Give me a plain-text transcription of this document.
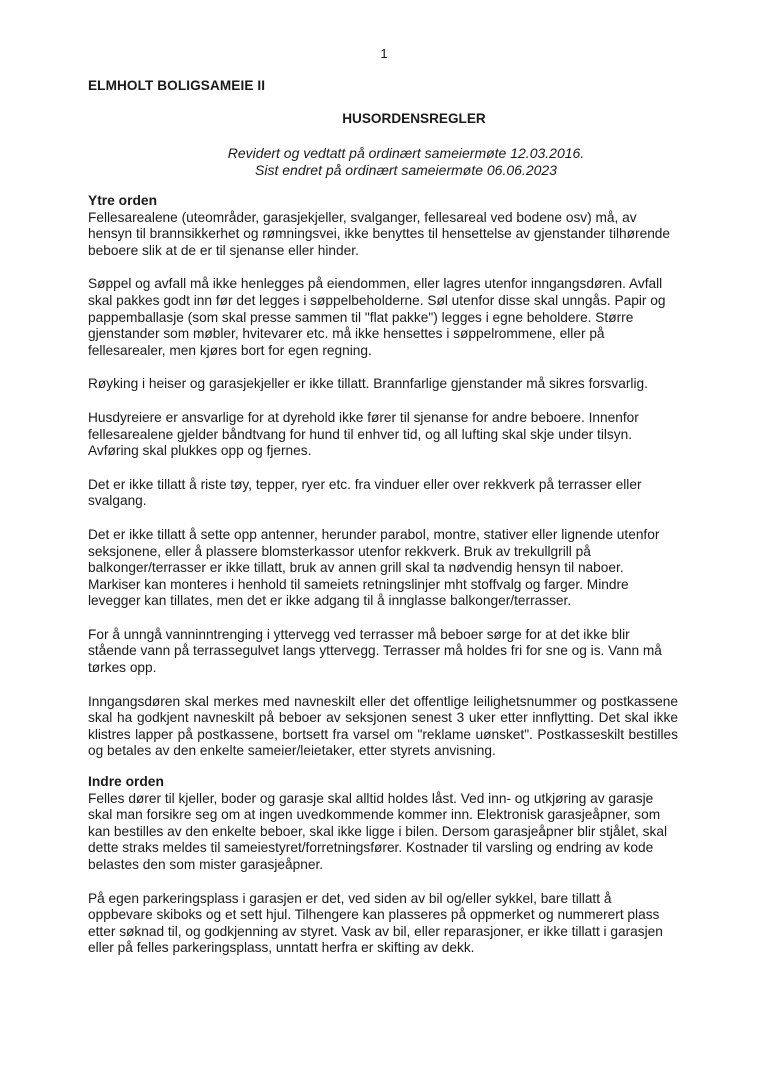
1
ELMHOLT BOLIGSAMEIE II
HUSORDENSREGLER
Revidert og vedtatt på ordinært sameiermøte 12.03.2016.
Sist endret på ordinært sameiermøte 06.06.2023
Ytre orden

Fellesarealene (uteområder, garasjekjeller, svalganger, fellesareal ved bodene osv) må, av hensyn til brannsikkerhet og rømningsvei, ikke benyttes til hensettelse av gjenstander tilhørende beboere slik at de er til sjenanse eller hinder.

Søppel og avfall må ikke henlegges på eiendommen, eller lagres utenfor inngangsdøren. Avfall skal pakkes godt inn før det legges i søppelbeholderne. Søl utenfor disse skal unngås. Papir og pappemballasje (som skal presse sammen til "flat pakke") legges i egne beholdere. Større gjenstander som møbler, hvitevarer etc. må ikke hensettes i søppelrommene, eller på fellesarealer, men kjøres bort for egen regning.

Røyking i heiser og garasjekjeller er ikke tillatt. Brannfarlige gjenstander må sikres forsvarlig.

Husdyreiere er ansvarlige for at dyrehold ikke fører til sjenanse for andre beboere. Innenfor fellesarealene gjelder båndtvang for hund til enhver tid, og all lufting skal skje under tilsyn. Avføring skal plukkes opp og fjernes.

Det er ikke tillatt å riste tøy, tepper, ryer etc. fra vinduer eller over rekkverk på terrasser eller svalgang.

Det er ikke tillatt å sette opp antenner, herunder parabol, montre, stativer eller lignende utenfor seksjonene, eller å plassere blomsterkassor utenfor rekkverk. Bruk av trekullgrill på balkonger/terrasser er ikke tillatt, bruk av annen grill skal ta nødvendig hensyn til naboer. Markiser kan monteres i henhold til sameiets retningslinjer mht stoffvalg og farger. Mindre levegger kan tillates, men det er ikke adgang til å innglasse balkonger/terrasser.

For å unngå vanninntrenging i yttervegg ved terrasser må beboer sørge for at det ikke blir stående vann på terrassegulvet langs yttervegg. Terrasser må holdes fri for sne og is. Vann må tørkes opp.

Inngangsdøren skal merkes med navneskilt eller det offentlige leilighetsnummer og postkassene skal ha godkjent navneskilt på beboer av seksjonen senest 3 uker etter innflytting. Det skal ikke klistres lapper på postkassene, bortsett fra varsel om "reklame uønsket". Postkasseskilt bestilles og betales av den enkelte sameier/leietaker, etter styrets anvisning.

Indre orden

Felles dører til kjeller, boder og garasje skal alltid holdes låst. Ved inn- og utkjøring av garasje skal man forsikre seg om at ingen uvedkommende kommer inn. Elektronisk garasjeåpner, som kan bestilles av den enkelte beboer, skal ikke ligge i bilen. Dersom garasjeåpner blir stjålet, skal dette straks meldes til sameiestyret/forretningsfører. Kostnader til varsling og endring av kode belastes den som mister garasjeåpner.

På egen parkeringsplass i garasjen er det, ved siden av bil og/eller sykkel, bare tillatt å oppbevare skiboks og et sett hjul. Tilhengere kan plasseres på oppmerket og nummerert plass etter søknad til, og godkjenning av styret. Vask av bil, eller reparasjoner, er ikke tillatt i garasjen eller på felles parkeringsplass, unntatt herfra er skifting av dekk.
